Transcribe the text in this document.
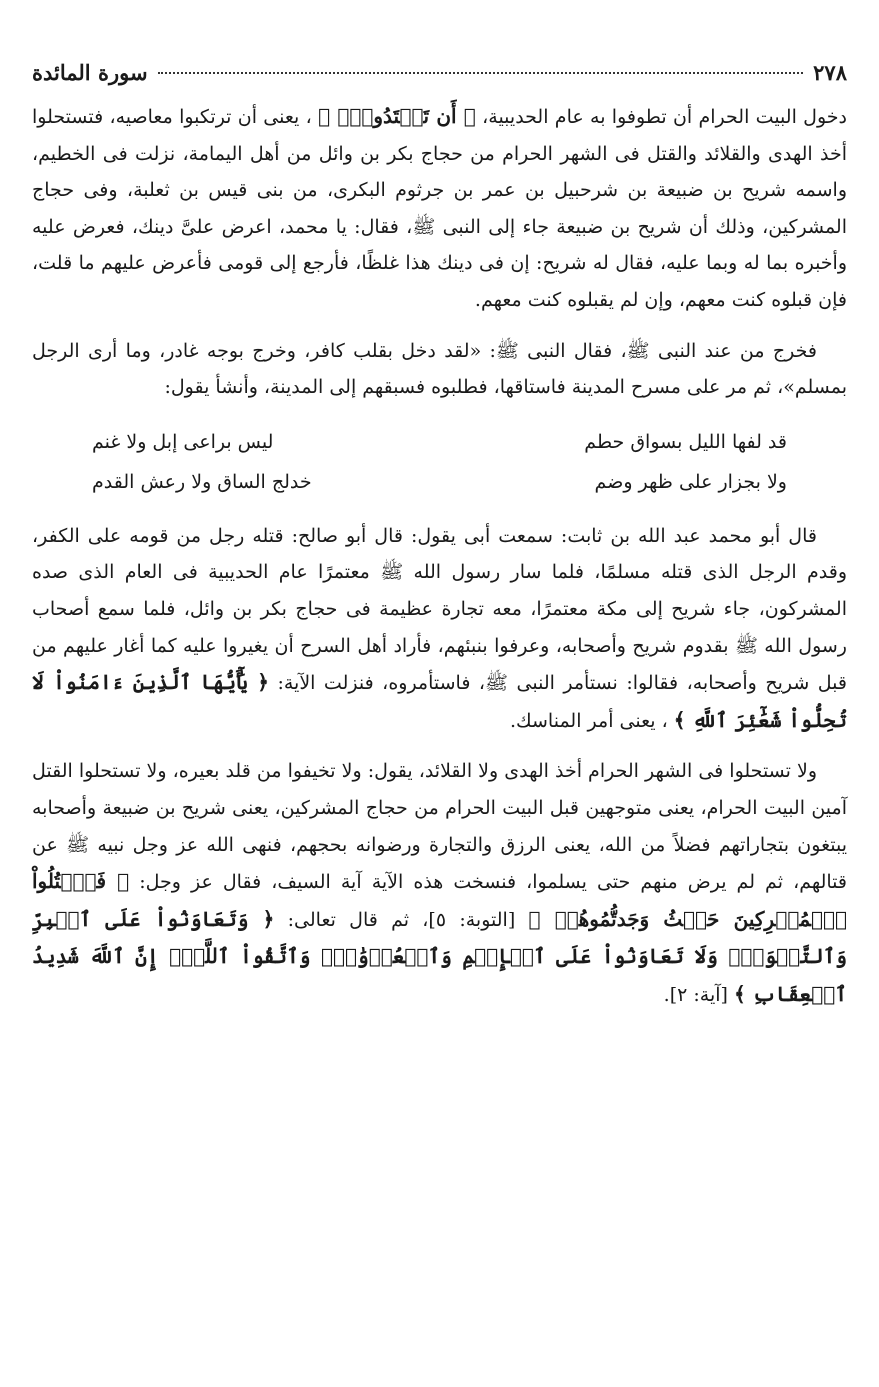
٢٧٨
سورة المائدة

دخول البيت الحرام أن تطوفوا به عام الحديبية، ﴿ أَن تَعۡتَدُواْۘ ﴾ ، يعنى أن ترتكبوا معاصيه، فتستحلوا أخذ الهدى والقلائد والقتل فى الشهر الحرام من حجاج بكر بن وائل من أهل اليمامة، نزلت فى الخطيم، واسمه شريح بن ضبيعة بن شرحبيل بن عمر بن جرثوم البكرى، من بنى قيس بن ثعلبة، وفى حجاج المشركين، وذلك أن شريح بن ضبيعة جاء إلى النبى ﷺ، فقال: يا محمد، اعرض علىَّ دينك، فعرض عليه وأخبره بما له وبما عليه، فقال له شريح: إن فى دينك هذا غلظًا، فأرجع إلى قومى فأعرض عليهم ما قلت، فإن قبلوه كنت معهم، وإن لم يقبلوه كنت معهم.

فخرج من عند النبى ﷺ، فقال النبى ﷺ: «لقد دخل بقلب كافر، وخرج بوجه غادر، وما أرى الرجل بمسلم»، ثم مر على مسرح المدينة فاستاقها، فطلبوه فسبقهم إلى المدينة، وأنشأ يقول:

قد لفها الليل بسواق حطم
ليس براعى إبل ولا غنم
ولا بجزار على ظهر وضم
خدلج الساق ولا رعش القدم

قال أبو محمد عبد الله بن ثابت: سمعت أبى يقول: قال أبو صالح: قتله رجل من قومه على الكفر، وقدم الرجل الذى قتله مسلمًا، فلما سار رسول الله ﷺ معتمرًا عام الحديبية فى العام الذى صده المشركون، جاء شريح إلى مكة معتمرًا، معه تجارة عظيمة فى حجاج بكر بن وائل، فلما سمع أصحاب رسول الله ﷺ بقدوم شريح وأصحابه، وعرفوا بنبئهم، فأراد أهل السرح أن يغيروا عليه كما أغار عليهم من قبل شريح وأصحابه، فقالوا: نستأمر النبى ﷺ، فاستأمروه، فنزلت الآية: ﴿ يَٰٓأَيُّهَا ٱلَّذِينَ ءَامَنُواْ لَا تُحِلُّواْ شَعَٰٓئِرَ ٱللَّهِ ﴾ ، يعنى أمر المناسك.

ولا تستحلوا فى الشهر الحرام أخذ الهدى ولا القلائد، يقول: ولا تخيفوا من قلد بعيره، ولا تستحلوا القتل آمين البيت الحرام، يعنى متوجهين قبل البيت الحرام من حجاج المشركين، يعنى شريح بن ضبيعة وأصحابه يبتغون بتجاراتهم فضلاً من الله، يعنى الرزق والتجارة ورضوانه بحجهم، فنهى الله عز وجل نبيه ﷺ عن قتالهم، ثم لم يرض منهم حتى يسلموا، فنسخت هذه الآية آية السيف، فقال عز وجل: ﴿ فَٱقۡتُلُواْ ٱلۡمُشۡرِكِينَ حَيۡثُ وَجَدتُّمُوهُمۡ ﴾ [التوبة: ٥]، ثم قال تعالى: ﴿ وَتَعَاوَنُواْ عَلَى ٱلۡبِرِّ وَٱلتَّقۡوَىٰۖ وَلَا تَعَاوَنُواْ عَلَى ٱلۡإِثۡمِ وَٱلۡعُدۡوَٰنِۚ وَٱتَّقُواْ ٱللَّهَۖ إِنَّ ٱللَّهَ شَدِيدُ ٱلۡعِقَابِ ﴾ [آية: ٢].
